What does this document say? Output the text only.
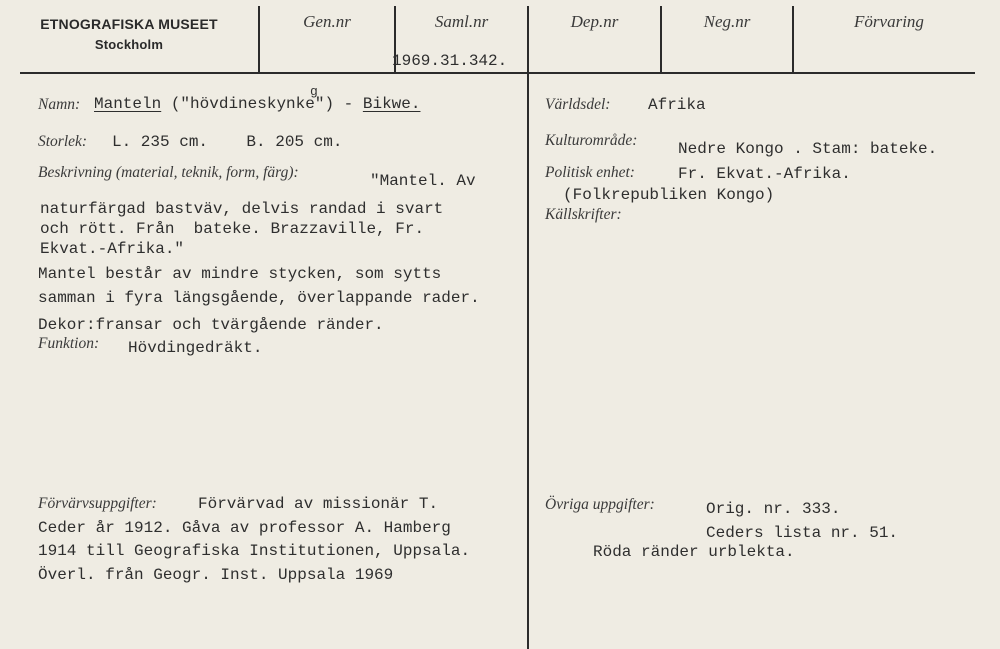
ETNOGRAFISKA MUSEET
Stockholm
Gen.nr	Saml.nr	Dep.nr	Neg.nr	Förvaring
1969.31.342.
Namn: Manteln ("hövdineskynke") - Bikwe.
g
Storlek: L. 235 cm.    B. 205 cm.
Beskrivning (material, teknik, form, färg):	"Mantel. Av
naturfärgad bastväv, delvis randad i svart
och rött. Från  bateke. Brazzaville, Fr.
Ekvat.-Afrika."
Mantel består av mindre stycken, som sytts
samman i fyra längsgående, överlappande rader.
Dekor:fransar och tvärgående ränder.
Funktion: Hövdingedräkt.
Förvärvsuppgifter:	Förvärvad av missionär T.
Ceder år 1912. Gåva av professor A. Hamberg
1914 till Geografiska Institutionen, Uppsala.
Överl. från Geogr. Inst. Uppsala 1969
Världsdel: Afrika
Kulturområde:	Nedre Kongo . Stam: bateke.
Politisk enhet:	Fr. Ekvat.-Afrika.
(Folkrepubliken Kongo)
Källskrifter:
Övriga uppgifter:	Orig. nr. 333.
Ceders lista nr. 51.
Röda ränder urblekta.
